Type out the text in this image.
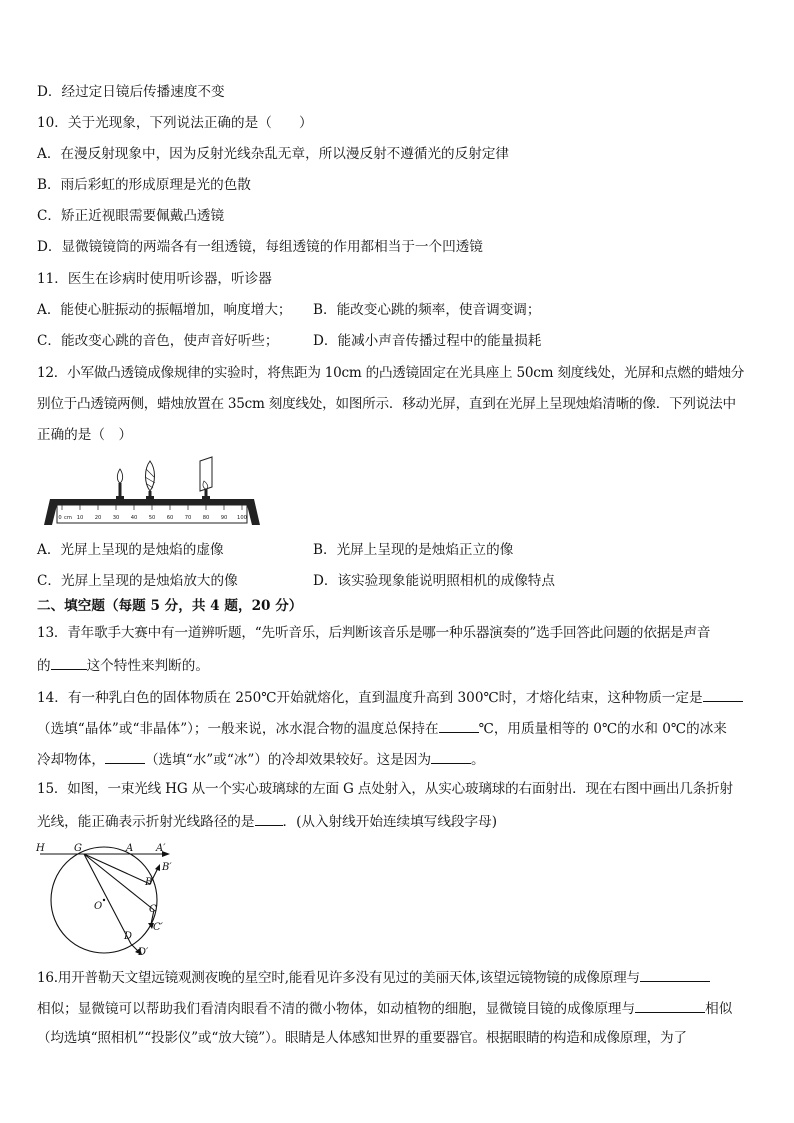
D．经过定日镜后传播速度不变
10．关于光现象，下列说法正确的是（　　）
A．在漫反射现象中，因为反射光线杂乱无章，所以漫反射不遵循光的反射定律
B．雨后彩虹的形成原理是光的色散
C．矫正近视眼需要佩戴凸透镜
D．显微镜镜筒的两端各有一组透镜，每组透镜的作用都相当于一个凹透镜
11．医生在诊病时使用听诊器，听诊器
A．能使心脏振动的振幅增加，响度增大； B．能改变心跳的频率，使音调变调；
C．能改变心跳的音色，使声音好听些；	D．能减小声音传播过程中的能量损耗
12．小军做凸透镜成像规律的实验时，将焦距为 10cm 的凸透镜固定在光具座上 50cm 刻度线处，光屏和点燃的蜡烛分
别位于凸透镜两侧，蜡烛放置在 35cm 刻度线处，如图所示．移动光屏，直到在光屏上呈现烛焰清晰的像．下列说法中
正确的是（　）
0 cm 10 20 30 40 50 60 70 80 90 100
A．光屏上呈现的是烛焰的虚像	B．光屏上呈现的是烛焰正立的像
C．光屏上呈现的是烛焰放大的像	D．该实验现象能说明照相机的成像特点
二、填空题（每题 5 分，共 4 题，20 分）
13．青年歌手大赛中有一道辨听题，“先听音乐，后判断该音乐是哪一种乐器演奏的”选手回答此问题的依据是声音
的	这个特性来判断的。
14．有一种乳白色的固体物质在 250℃开始就熔化，直到温度升高到 300℃时，才熔化结束，这种物质一定是
（选填“晶体”或“非晶体”）；一般来说，冰水混合物的温度总保持在	℃，用质量相等的 0℃的水和 0℃的冰来
冷却物体，	（选填“水”或“冰”）的冷却效果较好。这是因为	。
15．如图，一束光线 HG 从一个实心玻璃球的左面 G 点处射入，从实心玻璃球的右面射出．现在右图中画出几条折射
光线，能正确表示折射光线路径的是 ．(从入射线开始连续填写线段字母)
H	G	A A′
B′
B
C
C′
O
D
D′
16.用开普勒天文望远镜观测夜晚的星空时,能看见许多没有见过的美丽天体,该望远镜物镜的成像原理与
相似；显微镜可以帮助我们看清肉眼看不清的微小物体，如动植物的细胞，显微镜目镜的成像原理与	相似
（均选填“照相机”“投影仪”或“放大镜”）。眼睛是人体感知世界的重要器官。根据眼睛的构造和成像原理，为了
